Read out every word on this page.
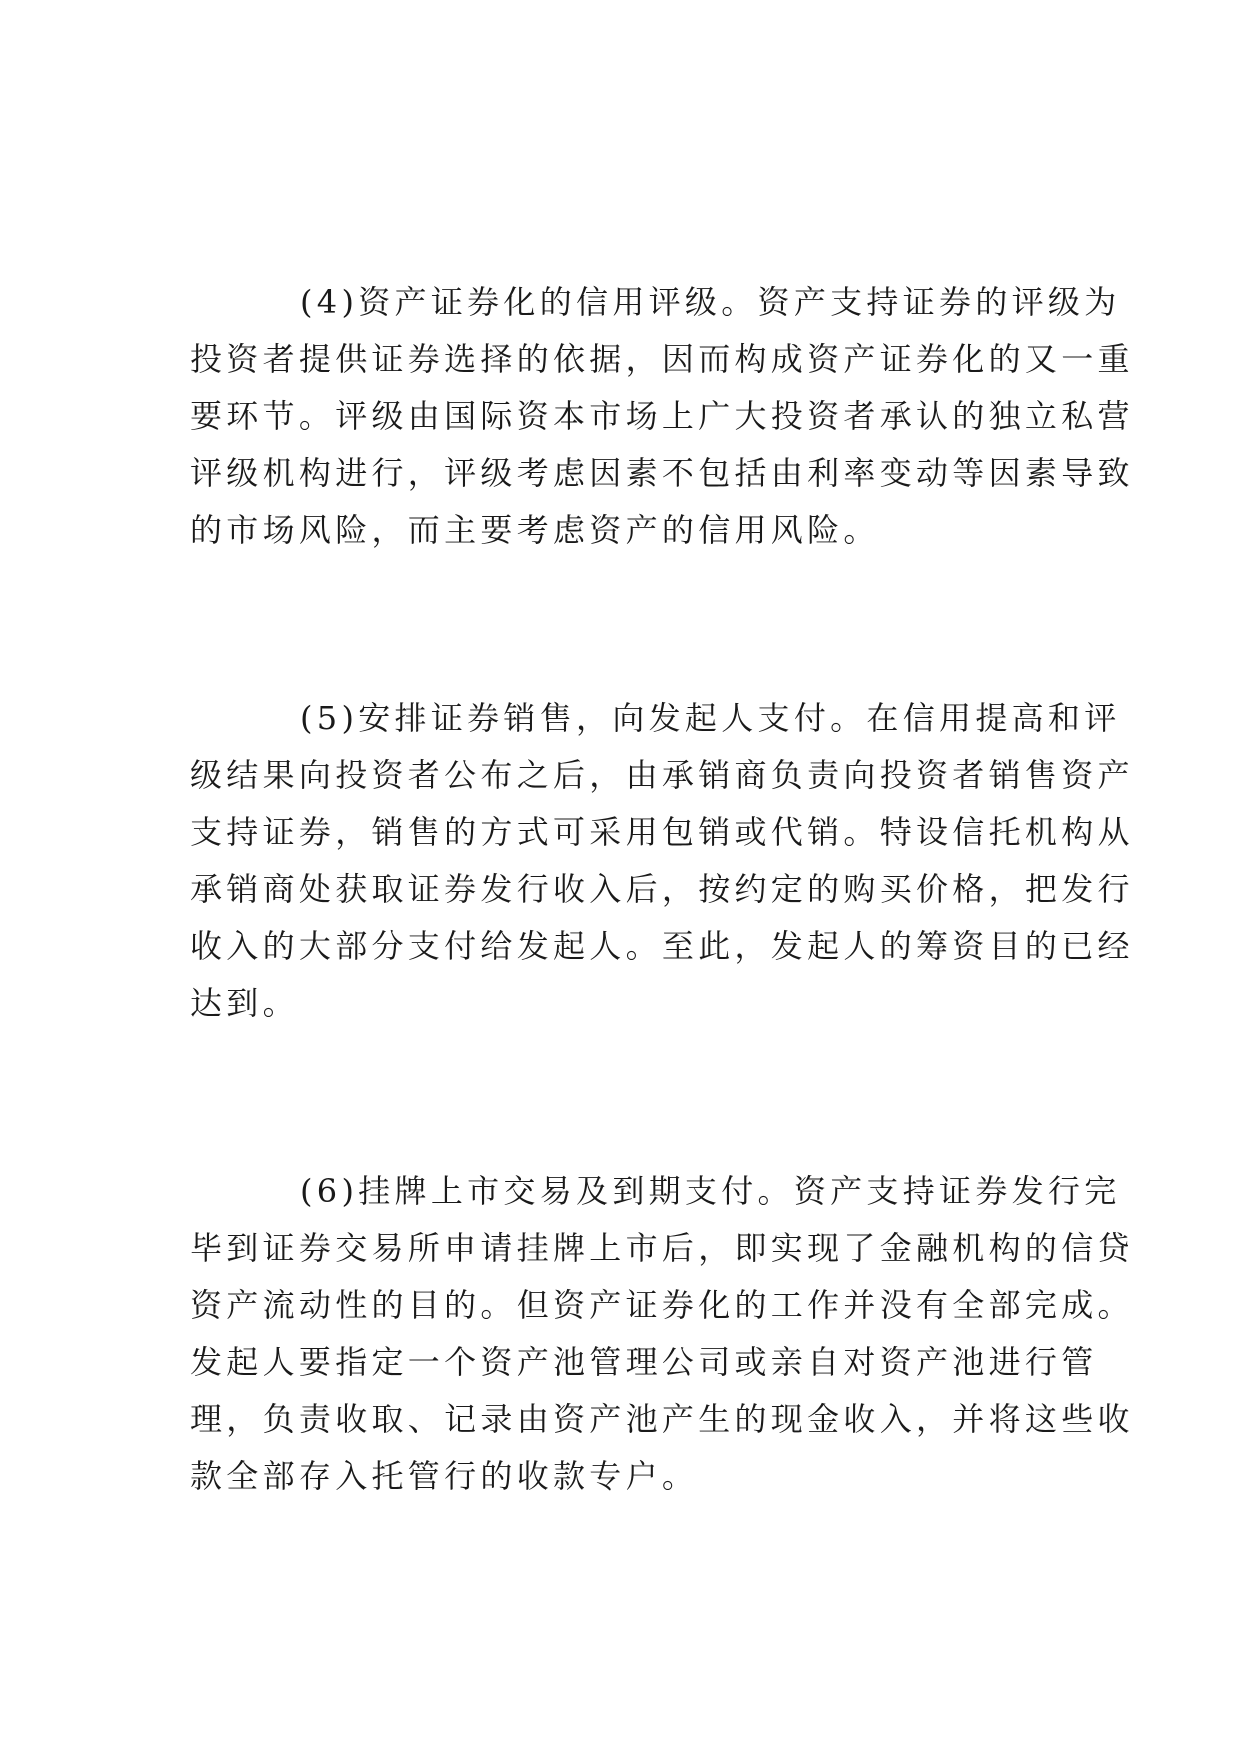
(4)资产证券化的信用评级。资产支持证券的评级为
投资者提供证券选择的依据，因而构成资产证券化的又一重
要环节。评级由国际资本市场上广大投资者承认的独立私营
评级机构进行，评级考虑因素不包括由利率变动等因素导致
的市场风险，而主要考虑资产的信用风险。
(5)安排证券销售，向发起人支付。在信用提高和评
级结果向投资者公布之后，由承销商负责向投资者销售资产
支持证券，销售的方式可采用包销或代销。特设信托机构从
承销商处获取证券发行收入后，按约定的购买价格，把发行
收入的大部分支付给发起人。至此，发起人的筹资目的已经
达到。
(6)挂牌上市交易及到期支付。资产支持证券发行完
毕到证券交易所申请挂牌上市后，即实现了金融机构的信贷
资产流动性的目的。但资产证券化的工作并没有全部完成。
发起人要指定一个资产池管理公司或亲自对资产池进行管
理，负责收取、记录由资产池产生的现金收入，并将这些收
款全部存入托管行的收款专户。
